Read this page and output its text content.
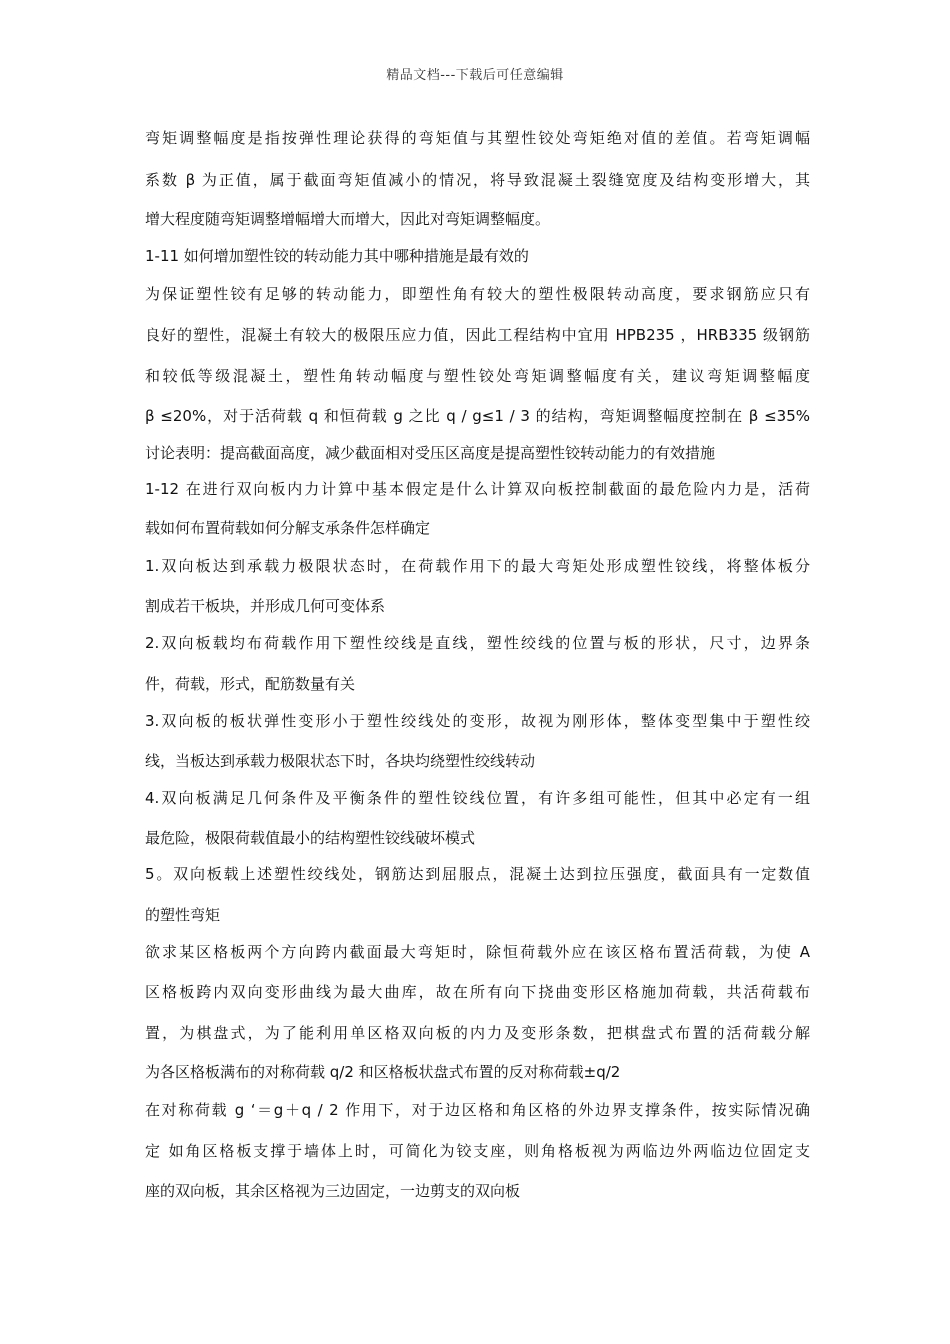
精品文档---下载后可任意编辑
弯矩调整幅度是指按弹性理论获得的弯矩值与其塑性铰处弯矩绝对值的差值。若弯矩调幅
系数 β 为正值，属于截面弯矩值减小的情况，将导致混凝土裂缝宽度及结构变形增大，其
增大程度随弯矩调整增幅增大而增大，因此对弯矩调整幅度。
1-11 如何增加塑性铰的转动能力其中哪种措施是最有效的
为保证塑性铰有足够的转动能力，即塑性角有较大的塑性极限转动高度，要求钢筋应只有
良好的塑性，混凝土有较大的极限压应力值，因此工程结构中宜用 HPB235 ，HRB335 级钢筋
和较低等级混凝土，塑性角转动幅度与塑性铰处弯矩调整幅度有关，建议弯矩调整幅度
β ≤20%，对于活荷载 q 和恒荷载 g 之比 q / g≤1 / 3 的结构，弯矩调整幅度控制在 β ≤35%
讨论表明：提高截面高度，减少截面相对受压区高度是提高塑性铰转动能力的有效措施
1-12 在进行双向板内力计算中基本假定是什么计算双向板控制截面的最危险内力是，活荷
载如何布置荷载如何分解支承条件怎样确定
1.双向板达到承载力极限状态时，在荷载作用下的最大弯矩处形成塑性铰线，将整体板分
割成若干板块，并形成几何可变体系
2.双向板载均布荷载作用下塑性绞线是直线，塑性绞线的位置与板的形状，尺寸，边界条
件，荷载，形式，配筋数量有关
3.双向板的板状弹性变形小于塑性绞线处的变形，故视为刚形体，整体变型集中于塑性绞
线，当板达到承载力极限状态下时，各块均绕塑性绞线转动
4.双向板满足几何条件及平衡条件的塑性铰线位置，有许多组可能性，但其中必定有一组
最危险，极限荷载值最小的结构塑性铰线破坏模式
5。双向板载上述塑性绞线处，钢筋达到屈服点，混凝土达到拉压强度，截面具有一定数值
的塑性弯矩
欲求某区格板两个方向跨内截面最大弯矩时，除恒荷载外应在该区格布置活荷载，为使 A
区格板跨内双向变形曲线为最大曲库，故在所有向下挠曲变形区格施加荷载，共活荷载布
置，为棋盘式，为了能利用单区格双向板的内力及变形条数，把棋盘式布置的活荷载分解
为各区格板满布的对称荷载 q/2 和区格板状盘式布置的反对称荷载±q/2
在对称荷载 g ‘＝g＋q / 2 作用下，对于边区格和角区格的外边界支撑条件，按实际情况确
定 如角区格板支撑于墙体上时，可简化为铰支座，则角格板视为两临边外两临边位固定支
座的双向板，其余区格视为三边固定，一边剪支的双向板
